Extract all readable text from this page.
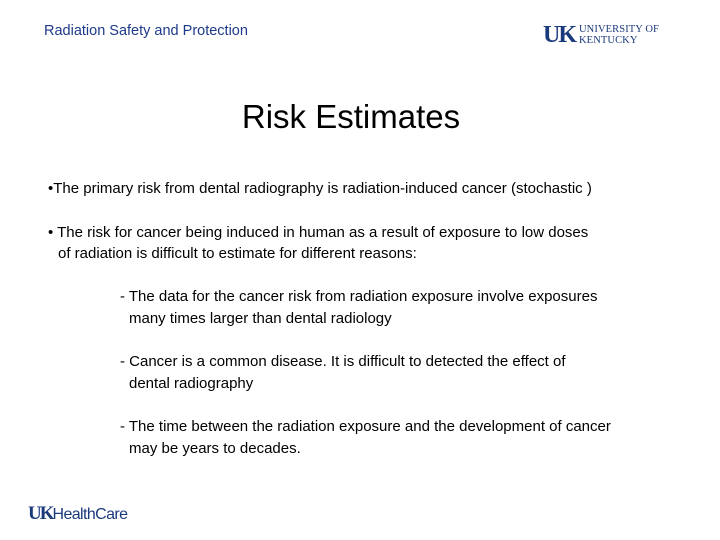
Radiation Safety and Protection	UK UNIVERSITY OF KENTUCKY
Risk Estimates
•The primary risk from dental radiography is radiation-induced cancer (stochastic )
• The risk for cancer being induced in human as a result of exposure to low doses
of radiation is difficult to estimate for different reasons:
- The data for the cancer risk from radiation exposure involve exposures
many times larger than dental radiology
- Cancer is a common disease. It is difficult to detected the effect of
dental radiography
- The time between the radiation exposure and the development of cancer
may be years to decades.
UK HealthCare
